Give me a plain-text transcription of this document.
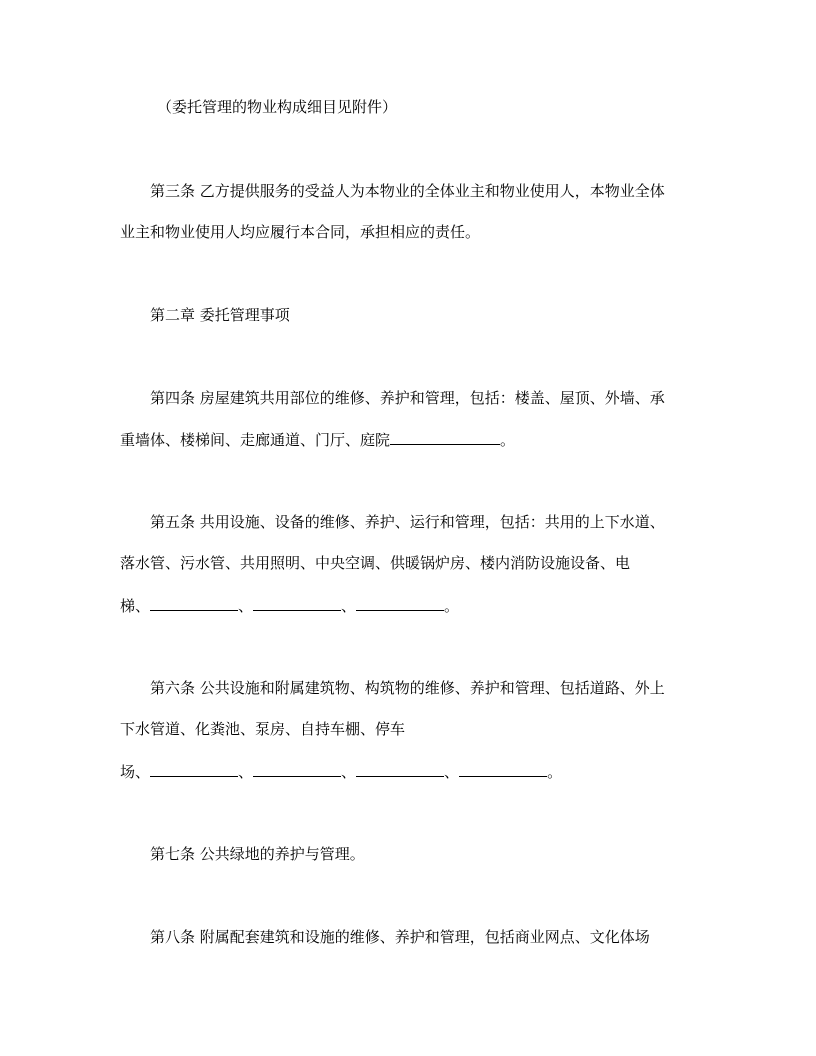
（委托管理的物业构成细目见附件）
第三条 乙方提供服务的受益人为本物业的全体业主和物业使用人，本物业全体
业主和物业使用人均应履行本合同，承担相应的责任。
第二章 委托管理事项
第四条 房屋建筑共用部位的维修、养护和管理，包括：楼盖、屋顶、外墙、承
重墙体、楼梯间、走廊通道、门厅、庭院	。
第五条 共用设施、设备的维修、养护、运行和管理，包括：共用的上下水道、
落水管、污水管、共用照明、中央空调、供暖锅炉房、楼内消防设施设备、电
梯、	、	、	。
第六条 公共设施和附属建筑物、构筑物的维修、养护和管理、包括道路、外上
下水管道、化粪池、泵房、自持车棚、停车
场、	、	、	、	。
第七条 公共绿地的养护与管理。
第八条 附属配套建筑和设施的维修、养护和管理，包括商业网点、文化体场
